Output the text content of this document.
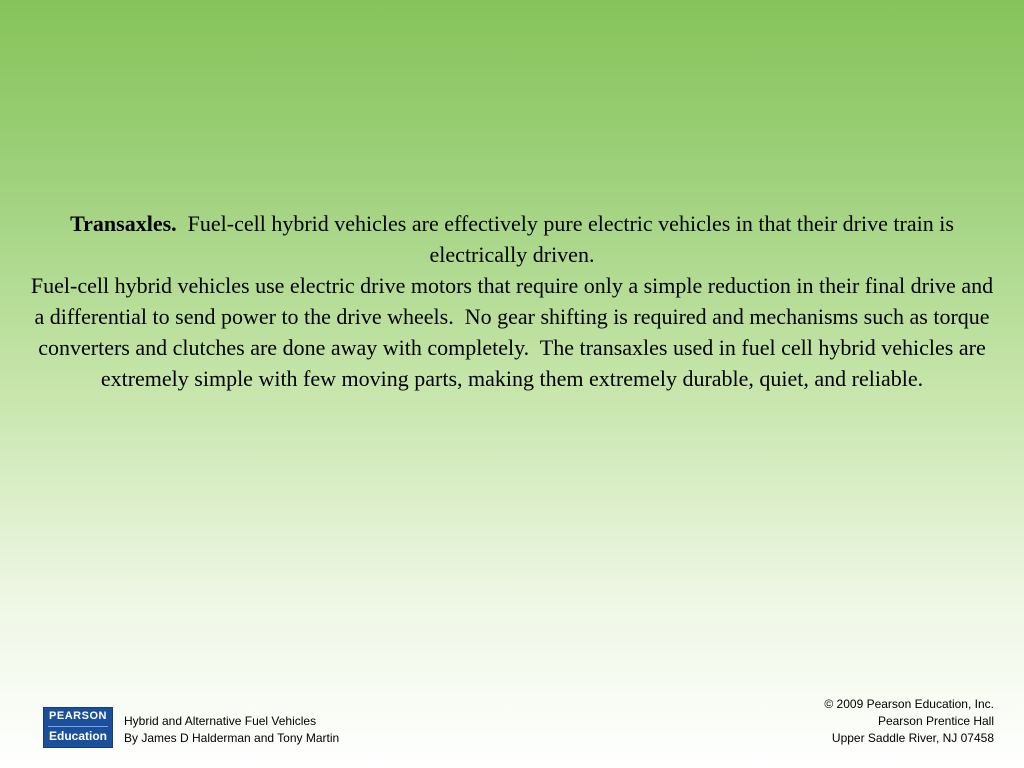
Transaxles.  Fuel-cell hybrid vehicles are effectively pure electric vehicles in that their drive train is electrically driven.

Fuel-cell hybrid vehicles use electric drive motors that require only a simple reduction in their final drive and a differential to send power to the drive wheels.  No gear shifting is required and mechanisms such as torque converters and clutches are done away with completely.  The transaxles used in fuel cell hybrid vehicles are extremely simple with few moving parts, making them extremely durable, quiet, and reliable.

PEARSON
Education
Hybrid and Alternative Fuel Vehicles
By James D Halderman and Tony Martin
© 2009 Pearson Education, Inc.
Pearson Prentice Hall
Upper Saddle River, NJ 07458
